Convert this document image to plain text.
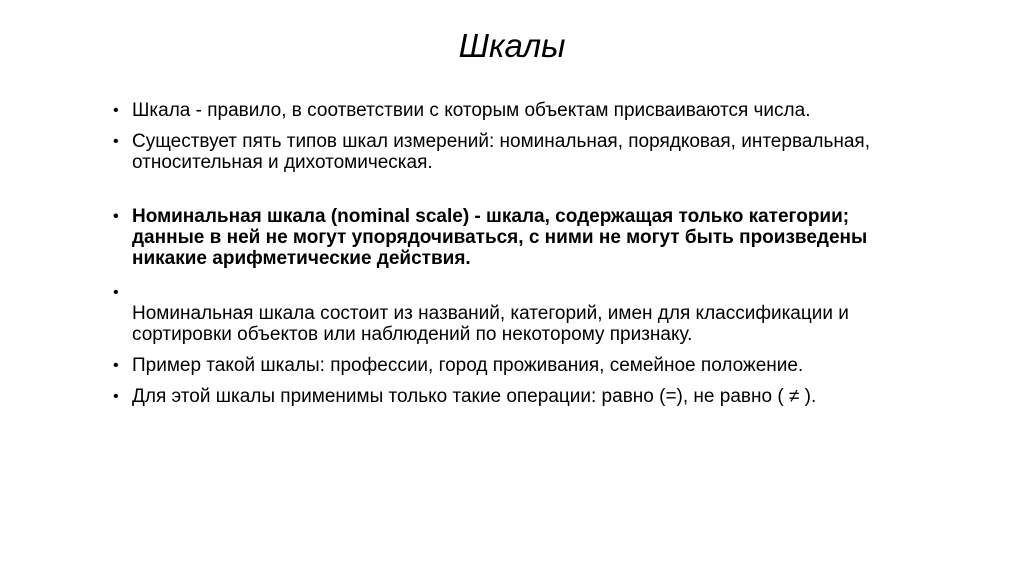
Шкалы
• Шкала - правило, в соответствии с которым объектам присваиваются числа.
• Существует пять типов шкал измерений: номинальная, порядковая, интервальная, относительная и дихотомическая.
• Номинальная шкала (nominal scale) - шкала, содержащая только категории; данные в ней не могут упорядочиваться, с ними не могут быть произведены никакие арифметические действия.
•
Номинальная шкала состоит из названий, категорий, имен для классификации и сортировки объектов или наблюдений по некоторому признаку.
• Пример такой шкалы: профессии, город проживания, семейное положение.
• Для этой шкалы применимы только такие операции: равно (=), не равно ( ≠ ).
